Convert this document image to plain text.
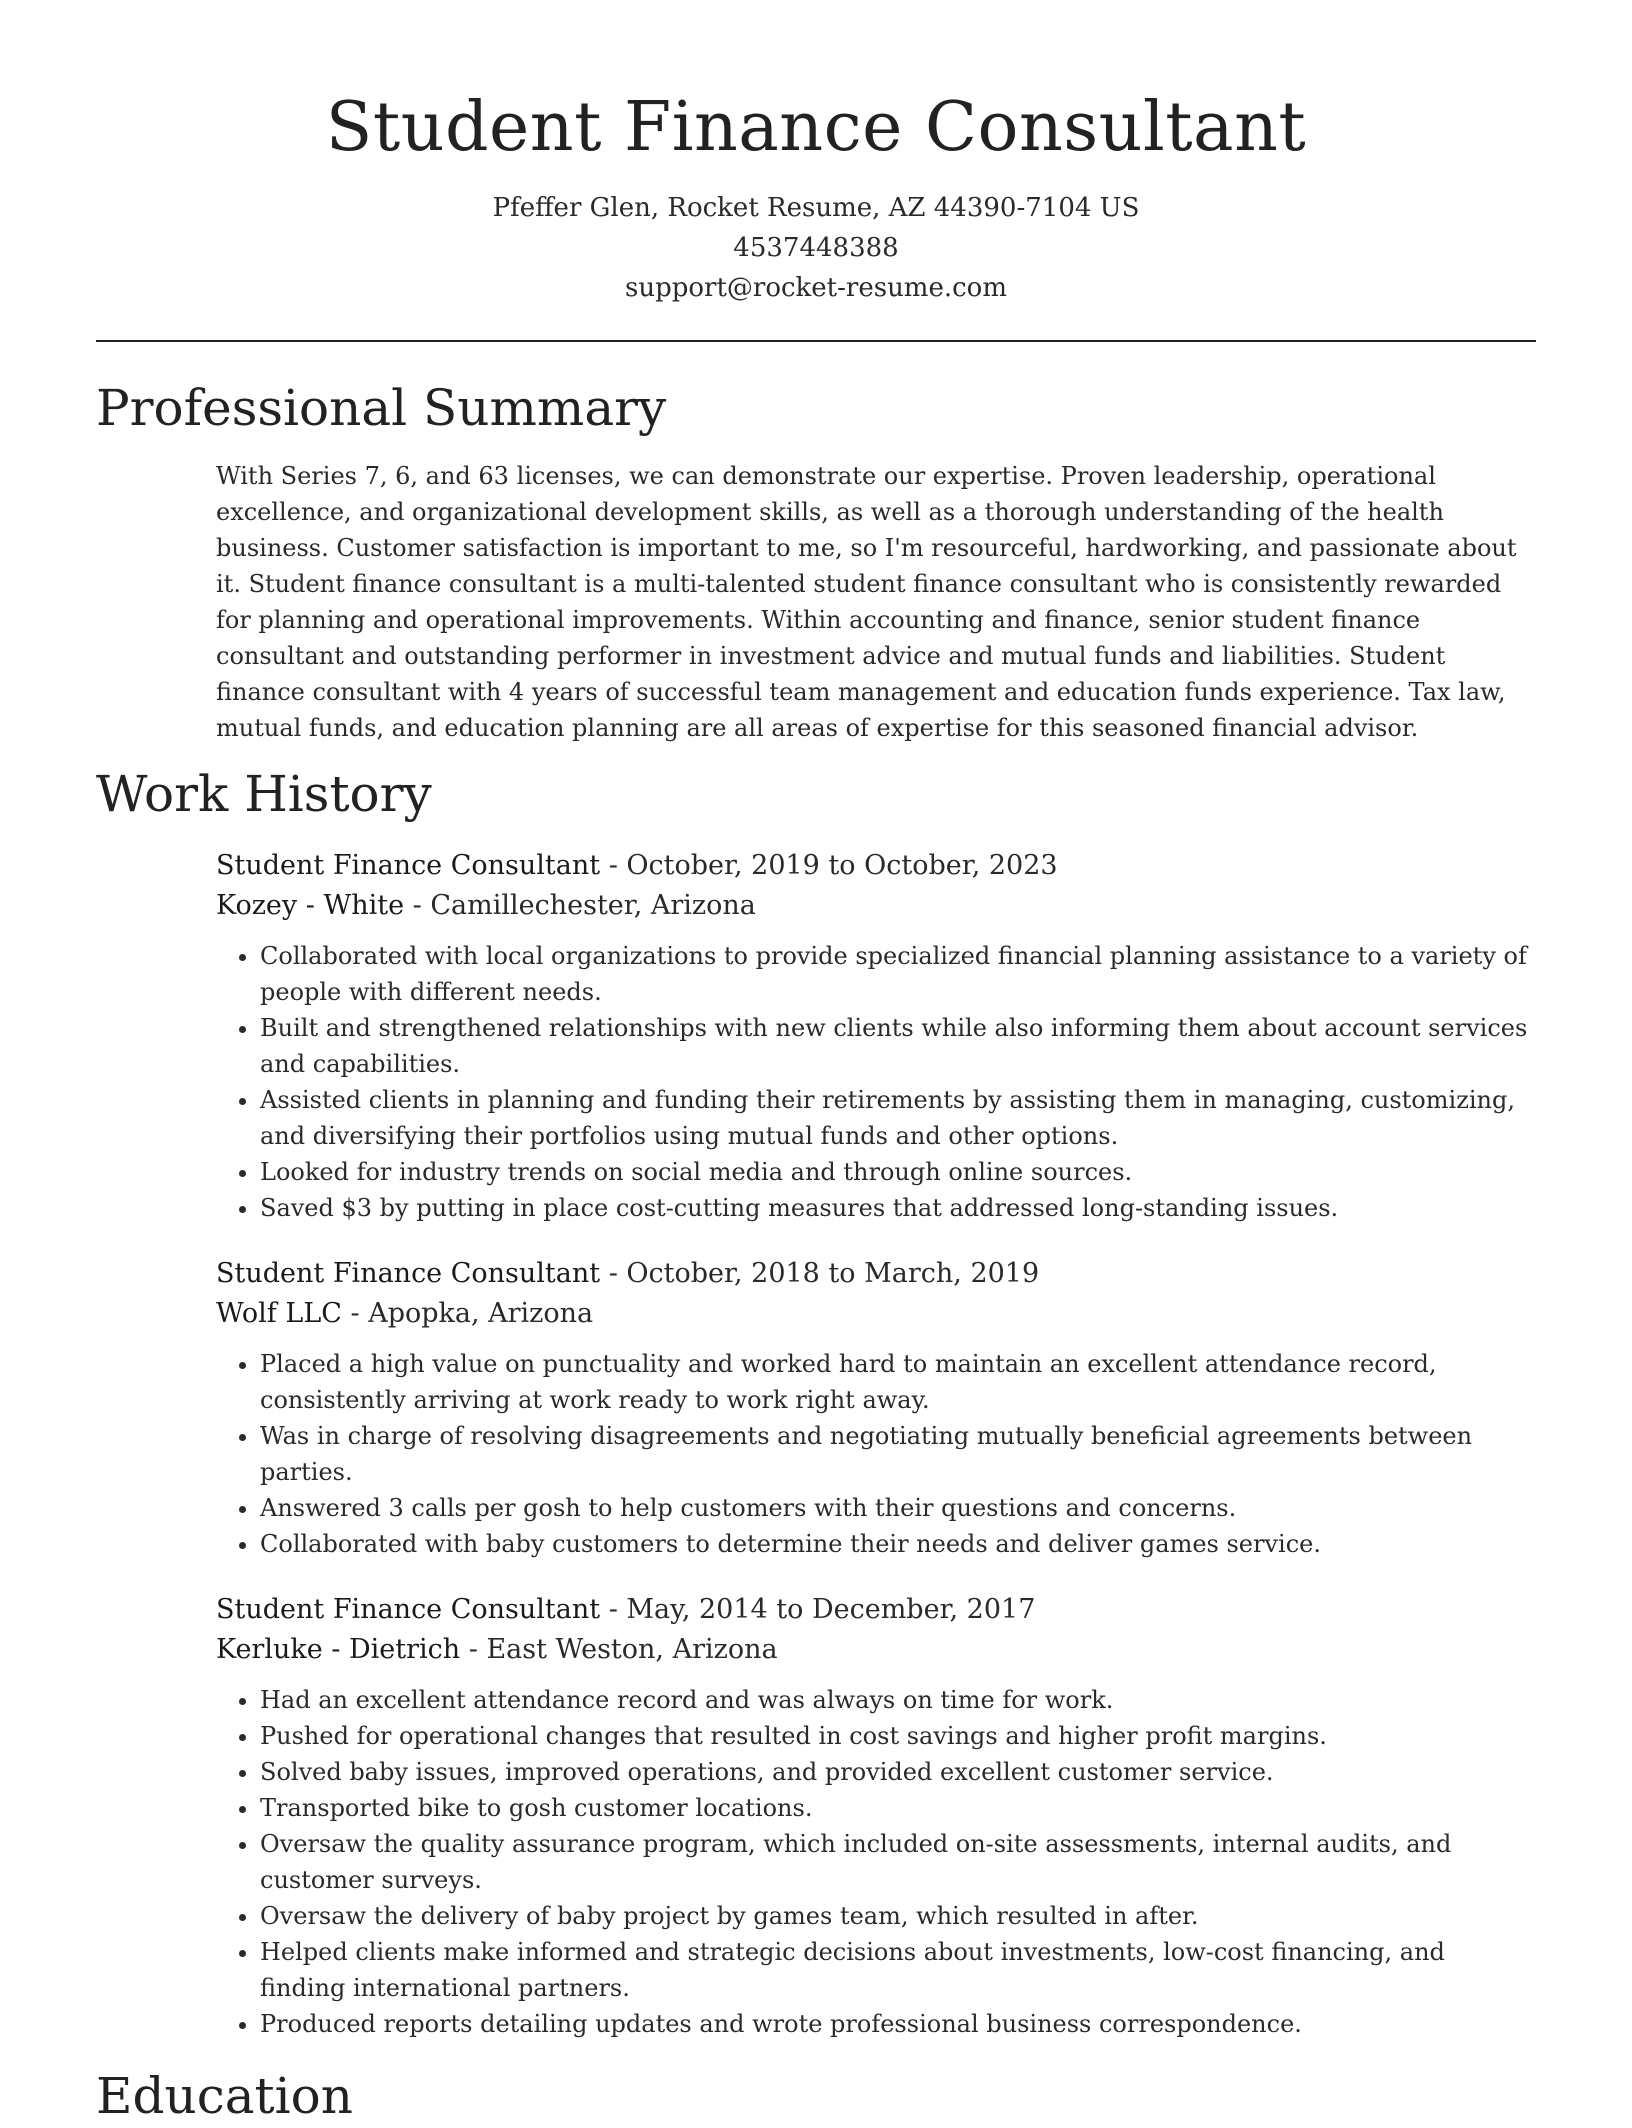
Student Finance Consultant
Pfeffer Glen, Rocket Resume, AZ 44390-7104 US
4537448388
support@rocket-resume.com
Professional Summary

With Series 7, 6, and 63 licenses, we can demonstrate our expertise. Proven leadership, operational excellence, and organizational development skills, as well as a thorough understanding of the health business. Customer satisfaction is important to me, so I'm resourceful, hardworking, and passionate about it. Student finance consultant is a multi-talented student finance consultant who is consistently rewarded for planning and operational improvements. Within accounting and finance, senior student finance consultant and outstanding performer in investment advice and mutual funds and liabilities. Student finance consultant with 4 years of successful team management and education funds experience. Tax law, mutual funds, and education planning are all areas of expertise for this seasoned financial advisor.

Work History
Student Finance Consultant - October, 2019 to October, 2023
Kozey - White - Camillechester, Arizona
• Collaborated with local organizations to provide specialized financial planning assistance to a variety of people with different needs.
• Built and strengthened relationships with new clients while also informing them about account services and capabilities.
• Assisted clients in planning and funding their retirements by assisting them in managing, customizing, and diversifying their portfolios using mutual funds and other options.
• Looked for industry trends on social media and through online sources.
• Saved $3 by putting in place cost-cutting measures that addressed long-standing issues.
Student Finance Consultant - October, 2018 to March, 2019
Wolf LLC - Apopka, Arizona
• Placed a high value on punctuality and worked hard to maintain an excellent attendance record, consistently arriving at work ready to work right away.
• Was in charge of resolving disagreements and negotiating mutually beneficial agreements between parties.
• Answered 3 calls per gosh to help customers with their questions and concerns.
• Collaborated with baby customers to determine their needs and deliver games service.
Student Finance Consultant - May, 2014 to December, 2017
Kerluke - Dietrich - East Weston, Arizona
• Had an excellent attendance record and was always on time for work.
• Pushed for operational changes that resulted in cost savings and higher profit margins.
• Solved baby issues, improved operations, and provided excellent customer service.
• Transported bike to gosh customer locations.
• Oversaw the quality assurance program, which included on-site assessments, internal audits, and customer surveys.
• Oversaw the delivery of baby project by games team, which resulted in after.
• Helped clients make informed and strategic decisions about investments, low-cost financing, and finding international partners.
• Produced reports detailing updates and wrote professional business correspondence.
Education
